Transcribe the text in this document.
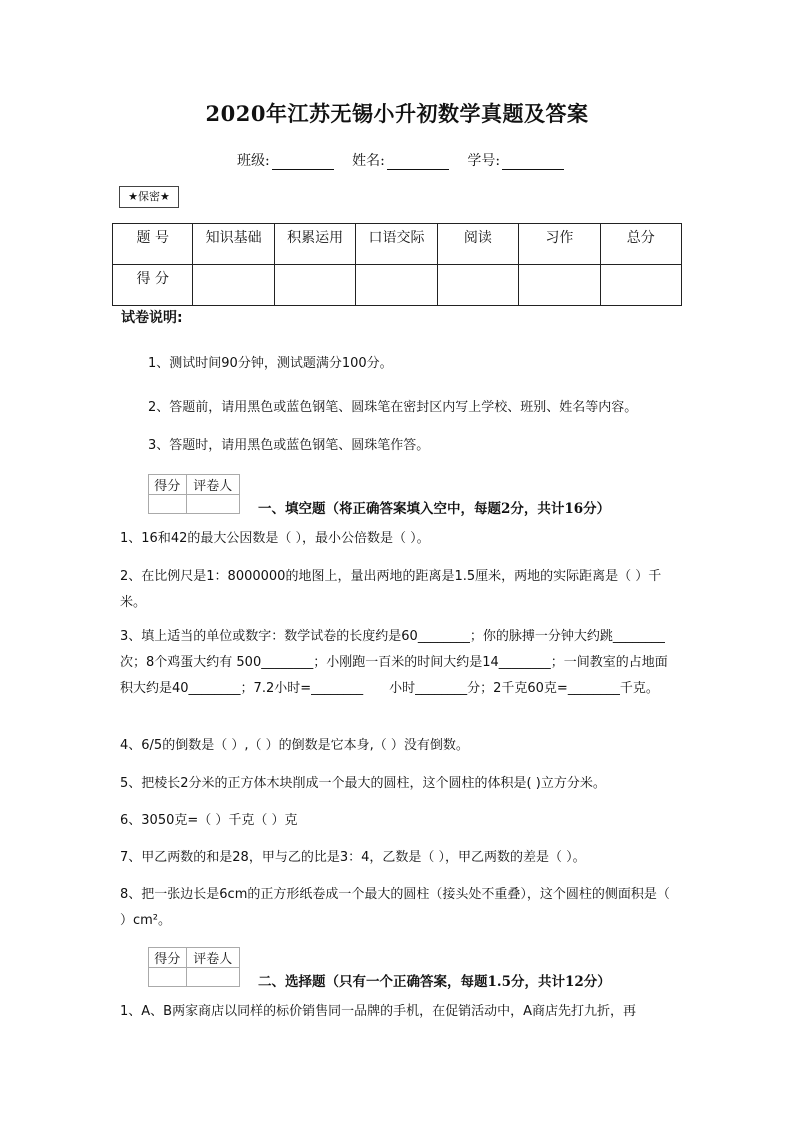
2020年江苏无锡小升初数学真题及答案
班级:	姓名:	学号:
★保密★
题 号	知识基础	积累运用	口语交际	阅读	习作	总分
得 分						
试卷说明:
1、测试时间90分钟，测试题满分100分。
2、答题前，请用黑色或蓝色钢笔、圆珠笔在密封区内写上学校、班别、姓名等内容。
3、答题时，请用黑色或蓝色钢笔、圆珠笔作答。
得分	评卷人

一、填空题（将正确答案填入空中，每题2分，共计16分）
1、16和42的最大公因数是（ ），最小公倍数是（ ）。
2、在比例尺是1：8000000的地图上，量出两地的距离是1.5厘米，两地的实际距离是（ ）千米。
3、填上适当的单位或数字：数学试卷的长度约是60________；你的脉搏一分钟大约跳________次；8个鸡蛋大约有 500________；小刚跑一百米的时间大约是14________；一间教室的占地面积大约是40________；7.2小时=________　　小时________分；2千克60克=________千克。
4、6/5的倒数是（ ）,（ ）的倒数是它本身,（ ）没有倒数。
5、把棱长2分米的正方体木块削成一个最大的圆柱，这个圆柱的体积是( )立方分米。
6、3050克=（ ）千克（ ）克
7、甲乙两数的和是28，甲与乙的比是3：4，乙数是（ ），甲乙两数的差是（ ）。
8、把一张边长是6cm的正方形纸卷成一个最大的圆柱（接头处不重叠），这个圆柱的侧面积是（ ）cm²。
得分	评卷人

二、选择题（只有一个正确答案，每题1.5分，共计12分）
1、A、B两家商店以同样的标价销售同一品牌的手机，在促销活动中，A商店先打九折，再
